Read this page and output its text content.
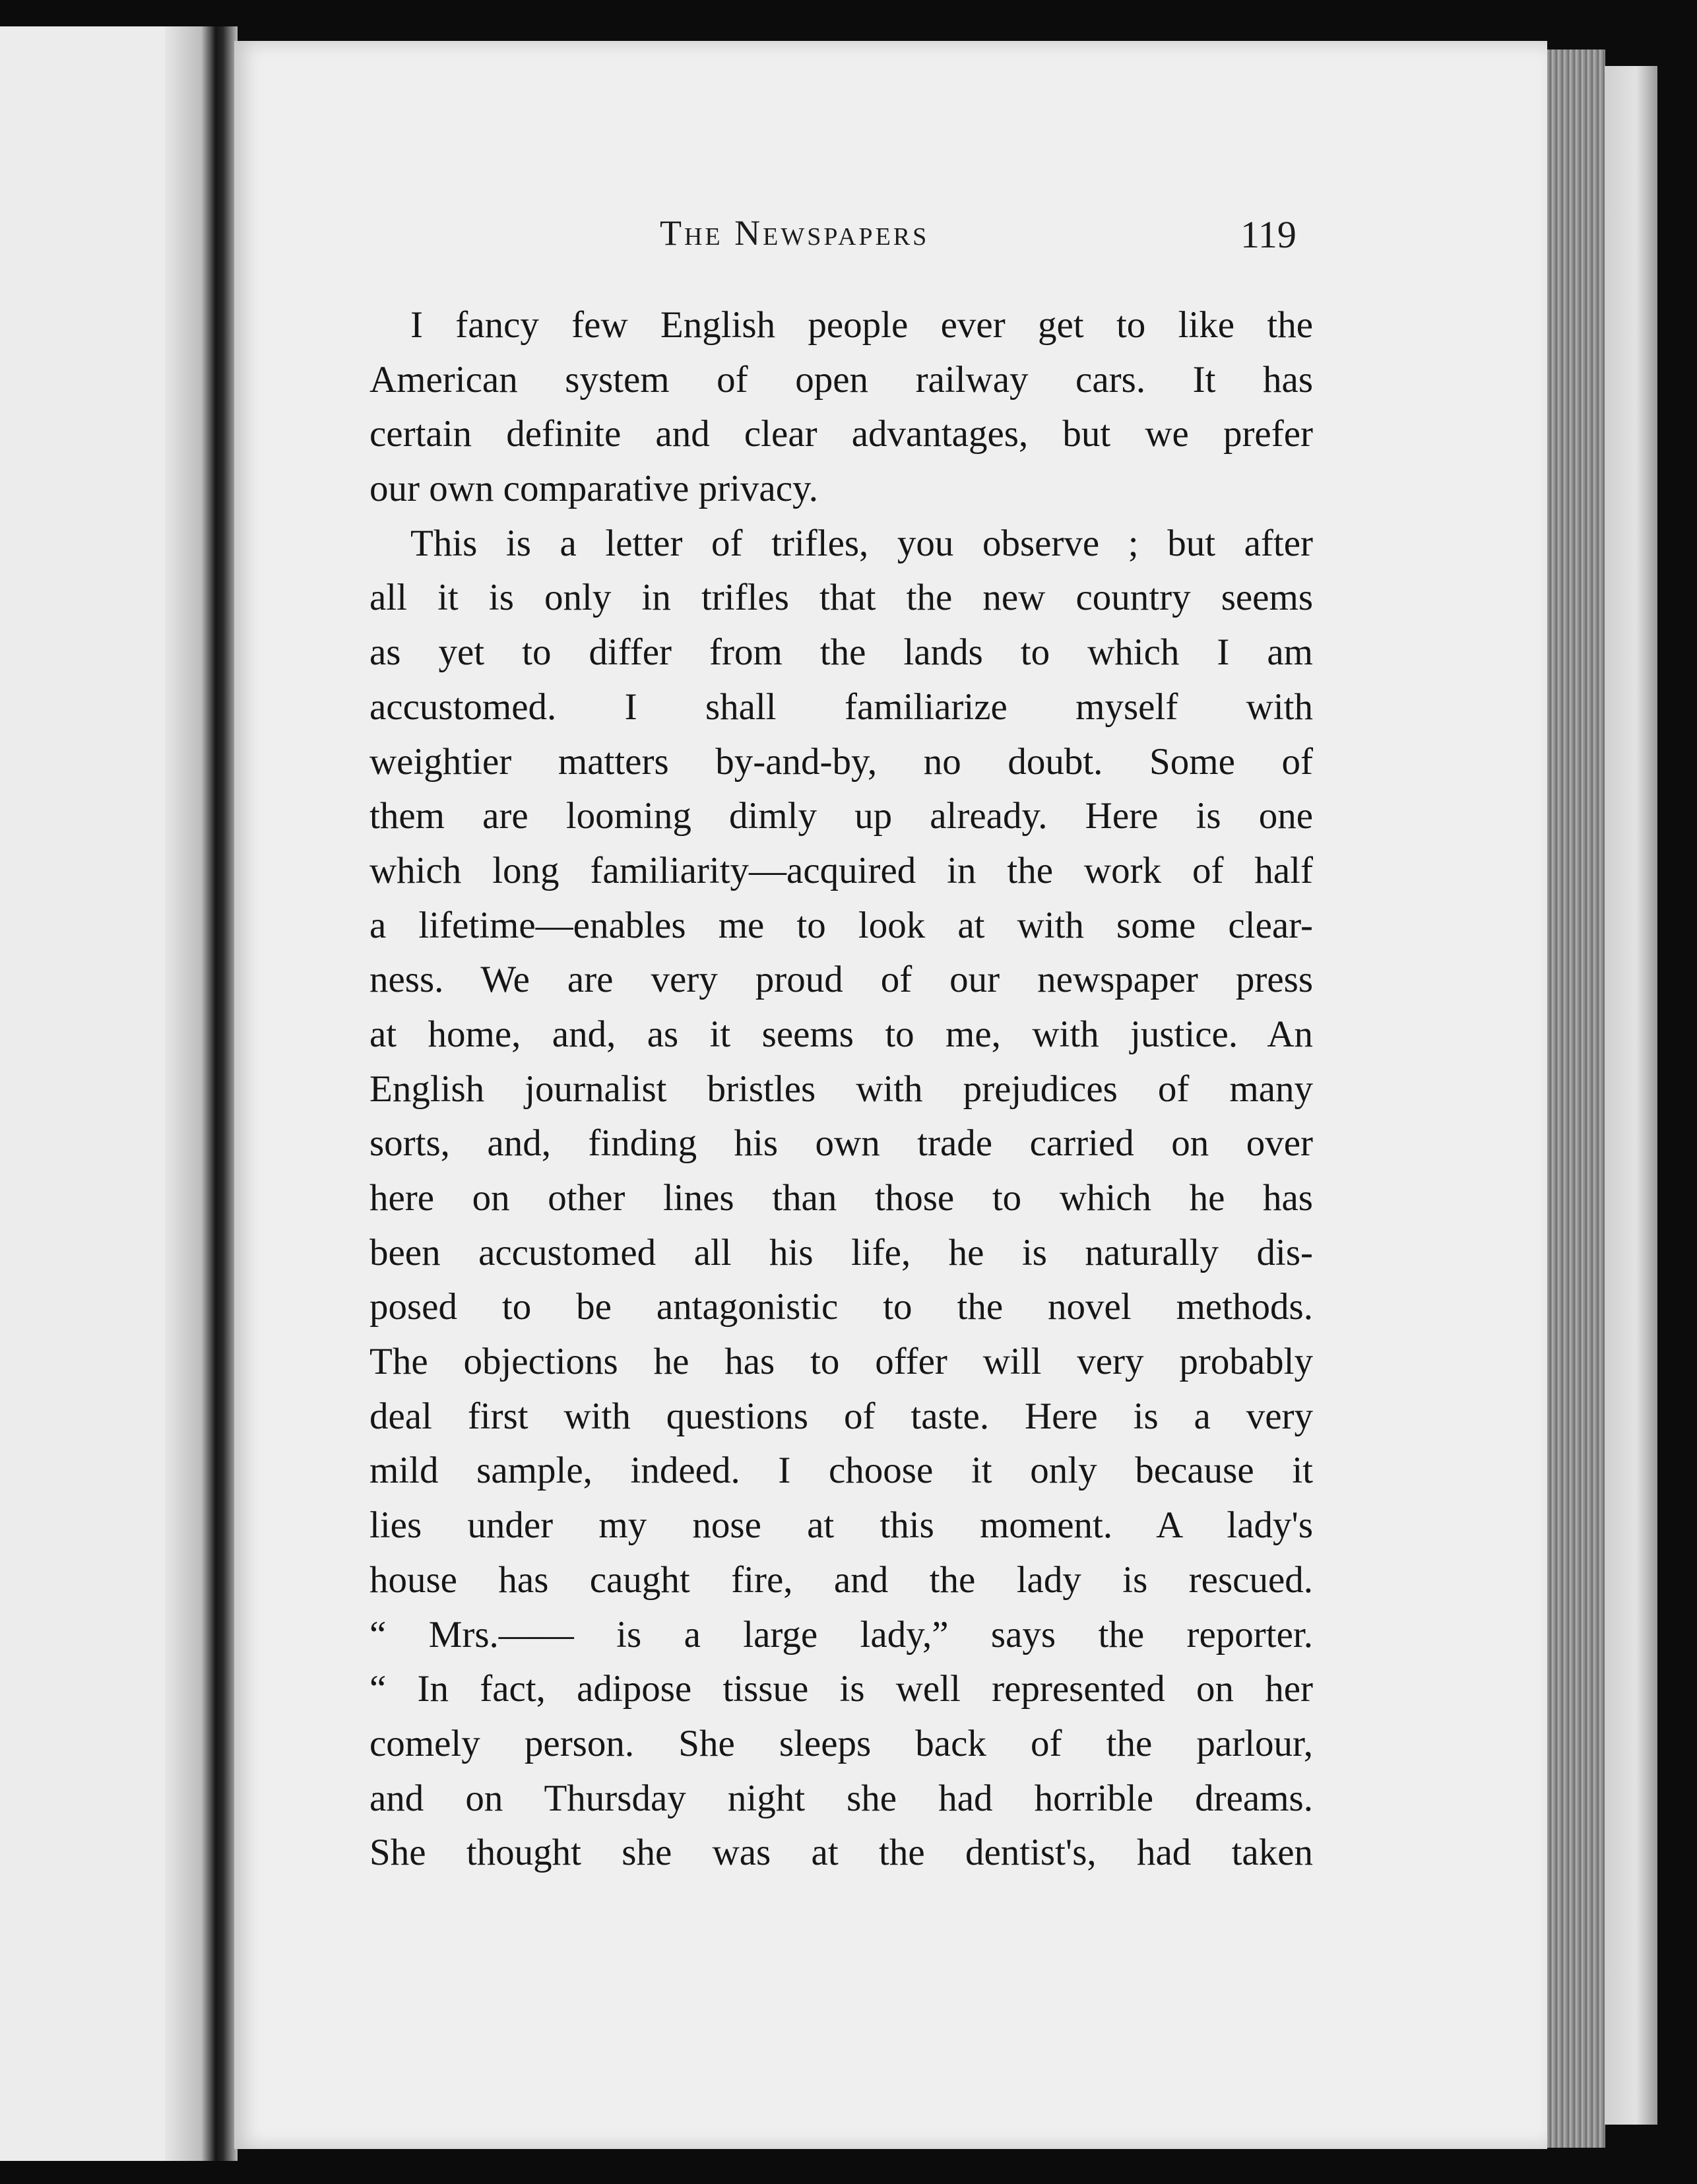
The Newspapers	119
I fancy few English people ever get to like the
American system of open railway cars. It has
certain definite and clear advantages, but we prefer
our own comparative privacy.
This is a letter of trifles, you observe ; but after
all it is only in trifles that the new country seems
as yet to differ from the lands to which I am
accustomed. I shall familiarize myself with
weightier matters by-and-by, no doubt. Some of
them are looming dimly up already. Here is one
which long familiarity—acquired in the work of half
a lifetime—enables me to look at with some clear-
ness. We are very proud of our newspaper press
at home, and, as it seems to me, with justice. An
English journalist bristles with prejudices of many
sorts, and, finding his own trade carried on over
here on other lines than those to which he has
been accustomed all his life, he is naturally dis-
posed to be antagonistic to the novel methods.
The objections he has to offer will very probably
deal first with questions of taste. Here is a very
mild sample, indeed. I choose it only because it
lies under my nose at this moment. A lady's
house has caught fire, and the lady is rescued.
“ Mrs.—— is a large lady,” says the reporter.
“ In fact, adipose tissue is well represented on her
comely person. She sleeps back of the parlour,
and on Thursday night she had horrible dreams.
She thought she was at the dentist's, had taken
